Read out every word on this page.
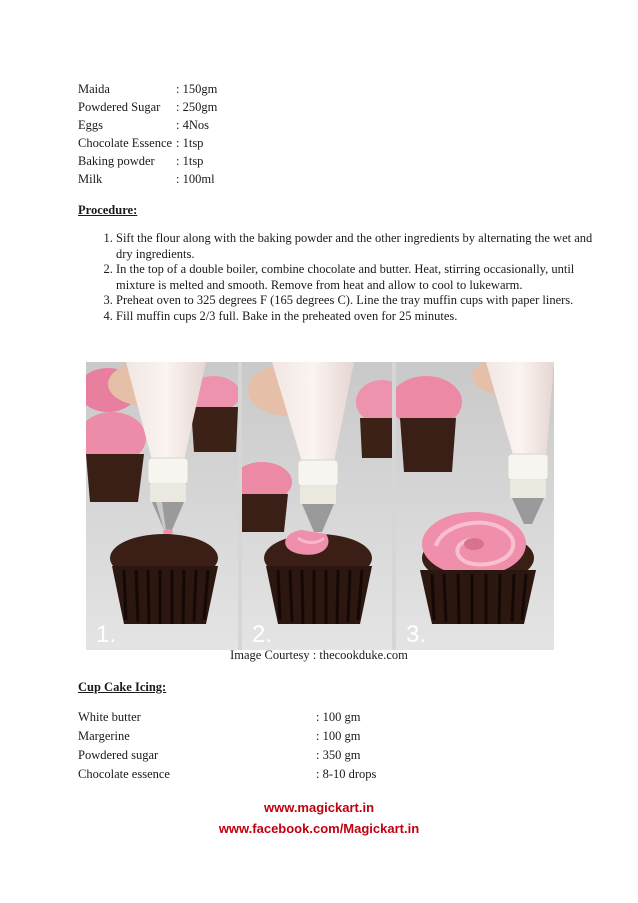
Maida	: 150gm
Powdered Sugar : 250gm
Eggs	: 4Nos
Chocolate Essence : 1tsp
Baking powder : 1tsp
Milk	: 100ml
Procedure:
1. Sift the flour along with the baking powder and the other ingredients by alternating the wet and dry ingredients.
2. In the top of a double boiler, combine chocolate and butter. Heat, stirring occasionally, until mixture is melted and smooth. Remove from heat and allow to cool to lukewarm.
3. Preheat oven to 325 degrees F (165 degrees C). Line the tray muffin cups with paper liners.
4. Fill muffin cups 2/3 full. Bake in the preheated oven for 25 minutes.
1.	2.	3.
Image Courtesy : thecookduke.com
Cup Cake Icing:
White butter	: 100 gm
Margerine	: 100 gm
Powdered sugar	: 350 gm
Chocolate essence	: 8-10 drops
www.magickart.in
www.facebook.com/Magickart.in
